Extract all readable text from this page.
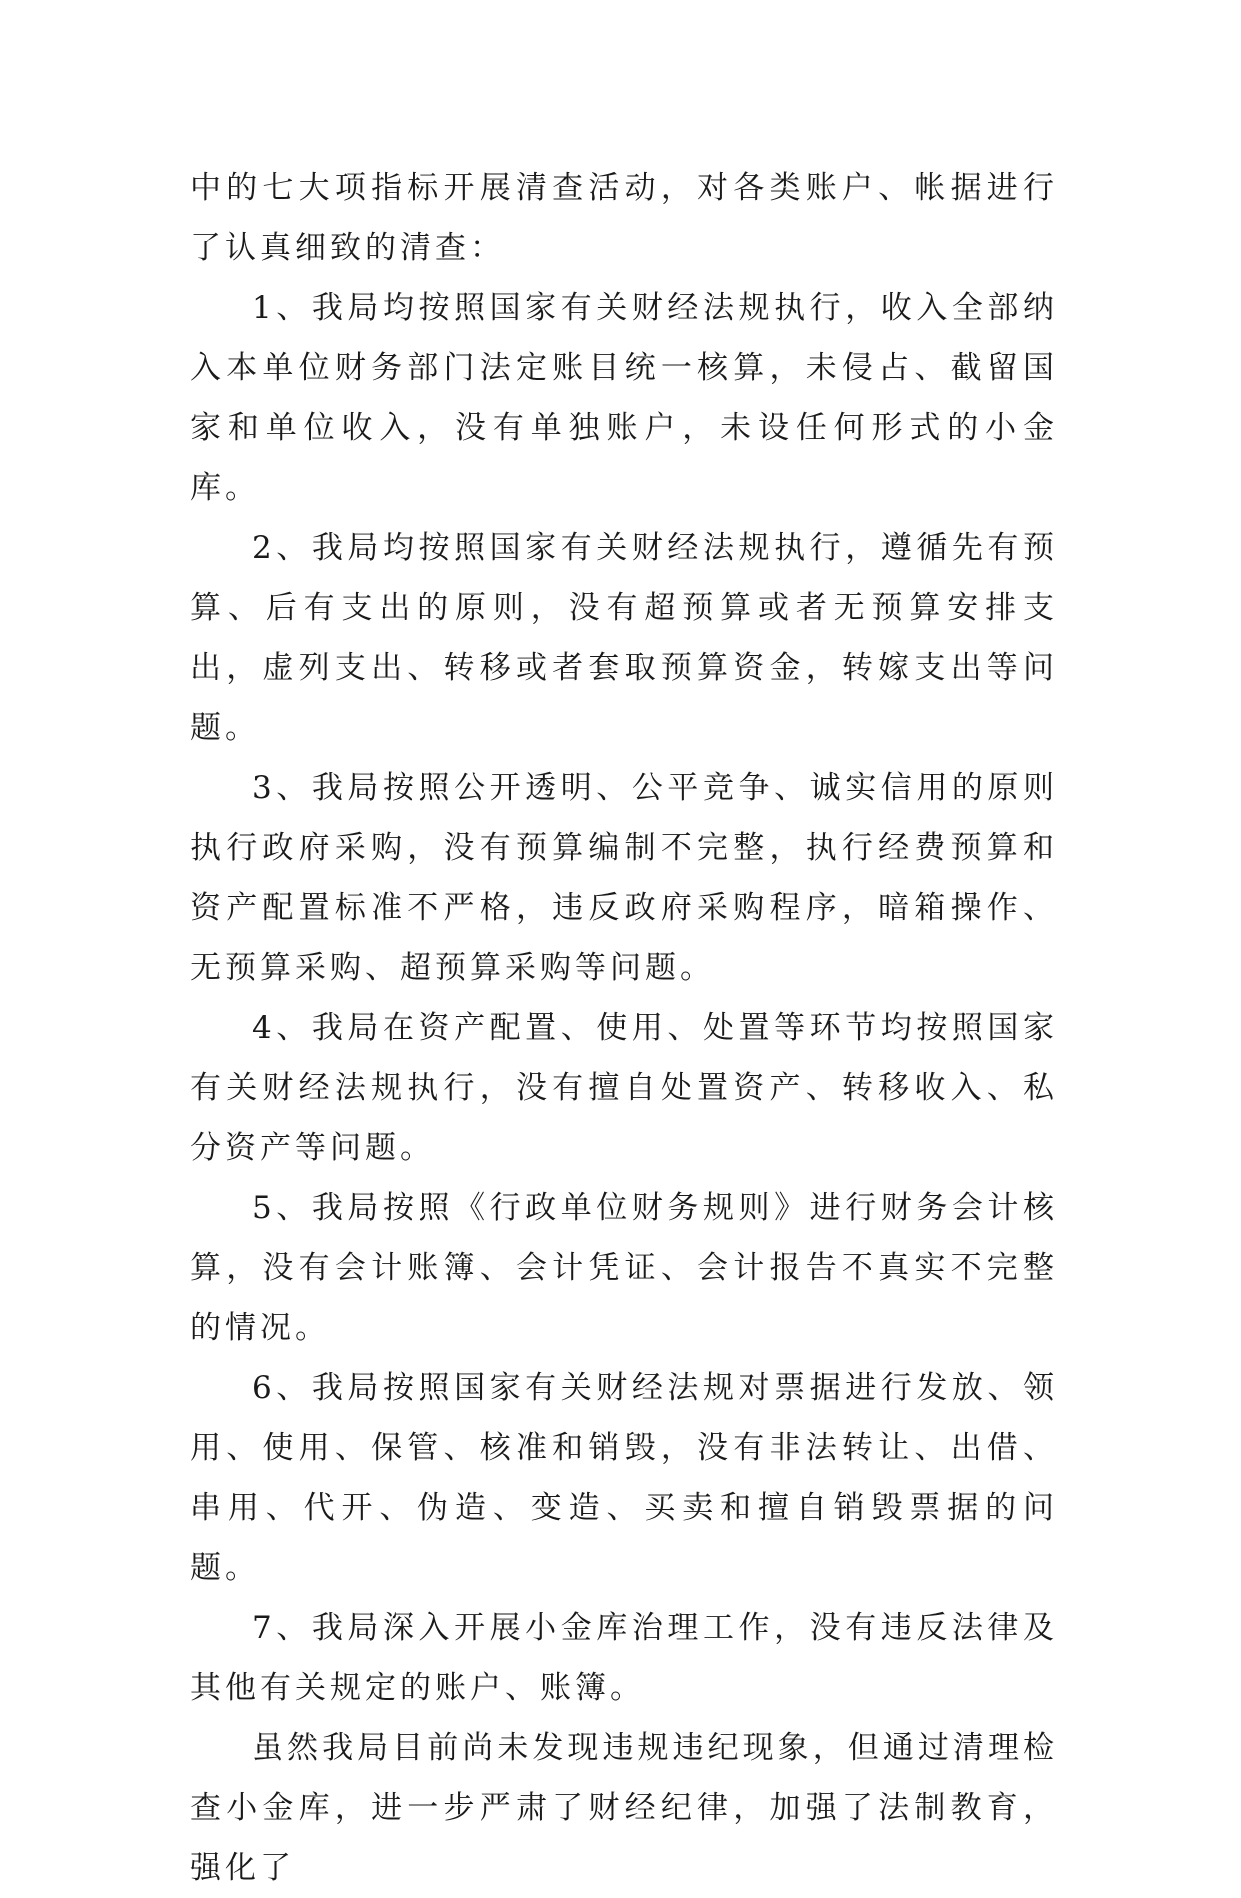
中的七大项指标开展清查活动，对各类账户、帐据进行了认真细致的清查：

1、我局均按照国家有关财经法规执行，收入全部纳入本单位财务部门法定账目统一核算，未侵占、截留国家和单位收入，没有单独账户，未设任何形式的小金库。

2、我局均按照国家有关财经法规执行，遵循先有预算、后有支出的原则，没有超预算或者无预算安排支出，虚列支出、转移或者套取预算资金，转嫁支出等问题。

3、我局按照公开透明、公平竞争、诚实信用的原则执行政府采购，没有预算编制不完整，执行经费预算和资产配置标准不严格，违反政府采购程序，暗箱操作、无预算采购、超预算采购等问题。

4、我局在资产配置、使用、处置等环节均按照国家有关财经法规执行，没有擅自处置资产、转移收入、私分资产等问题。

5、我局按照《行政单位财务规则》进行财务会计核算，没有会计账簿、会计凭证、会计报告不真实不完整的情况。

6、我局按照国家有关财经法规对票据进行发放、领用、使用、保管、核准和销毁，没有非法转让、出借、串用、代开、伪造、变造、买卖和擅自销毁票据的问题。

7、我局深入开展小金库治理工作，没有违反法律及其他有关规定的账户、账簿。

虽然我局目前尚未发现违规违纪现象，但通过清理检查小金库，进一步严肃了财经纪律，加强了法制教育，强化了
